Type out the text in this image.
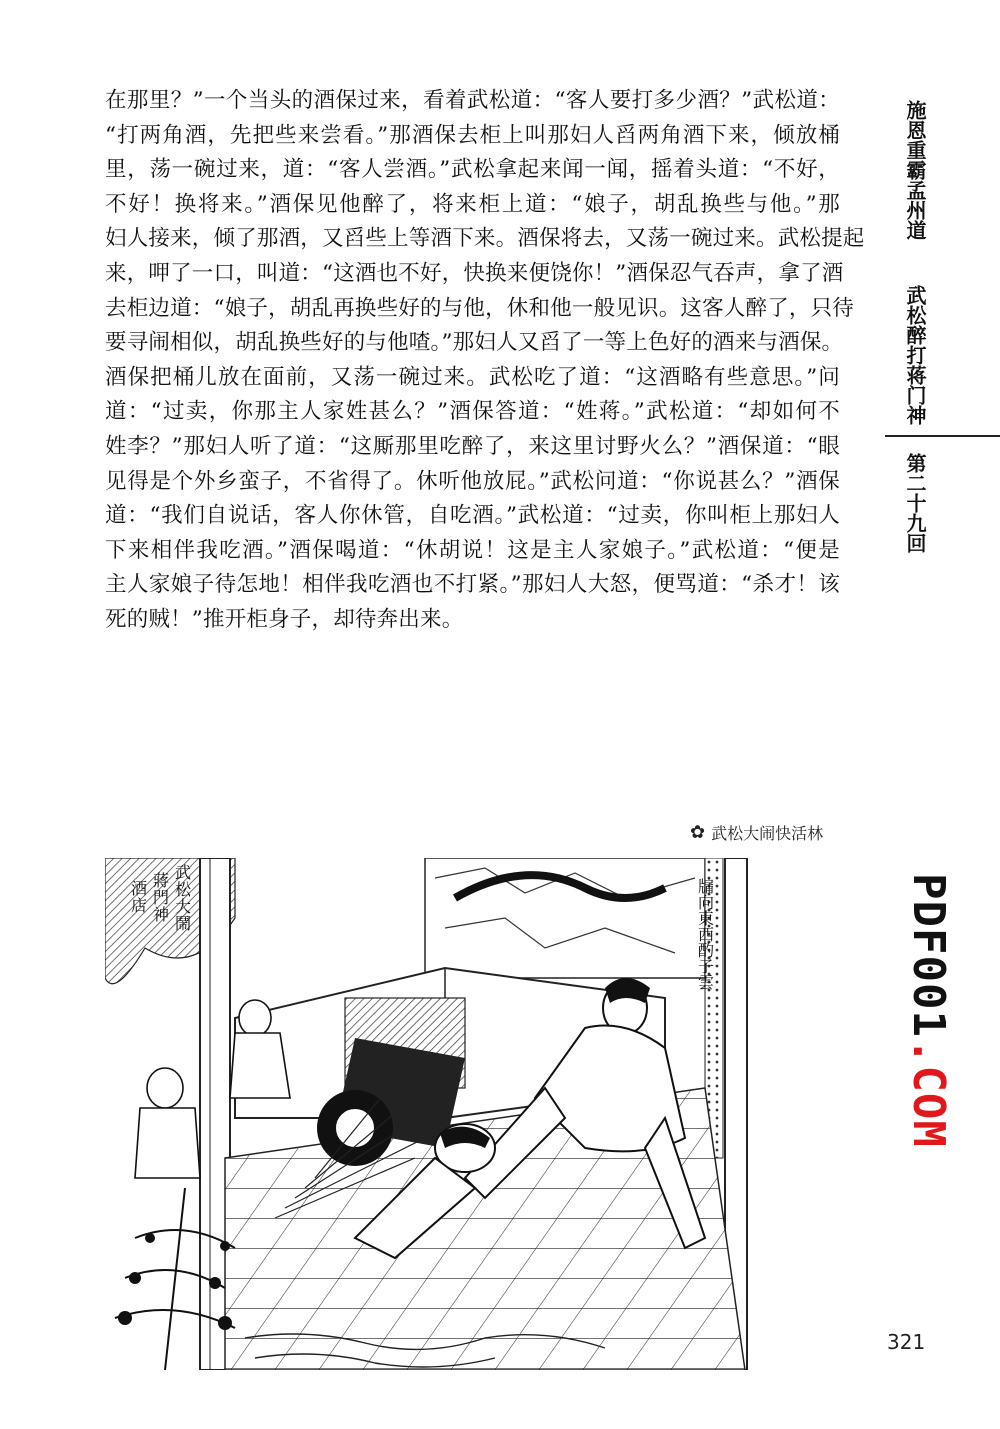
在那里？”一个当头的酒保过来，看着武松道：“客人要打多少酒？”武松道：
“打两角酒，先把些来尝看。”那酒保去柜上叫那妇人舀两角酒下来，倾放桶
里，荡一碗过来，道：“客人尝酒。”武松拿起来闻一闻，摇着头道：“不好，
不好！换将来。”酒保见他醉了，将来柜上道：“娘子，胡乱换些与他。”那
妇人接来，倾了那酒，又舀些上等酒下来。酒保将去，又荡一碗过来。武松提起
来，呷了一口，叫道：“这酒也不好，快换来便饶你！”酒保忍气吞声，拿了酒
去柜边道：“娘子，胡乱再换些好的与他，休和他一般见识。这客人醉了，只待
要寻闹相似，胡乱换些好的与他喳。”那妇人又舀了一等上色好的酒来与酒保。
酒保把桶儿放在面前，又荡一碗过来。武松吃了道：“这酒略有些意思。”问
道：“过卖，你那主人家姓甚么？”酒保答道：“姓蒋。”武松道：“却如何不
姓李？”那妇人听了道：“这厮那里吃醉了，来这里讨野火么？”酒保道：“眼
见得是个外乡蛮子，不省得了。休听他放屁。”武松问道：“你说甚么？”酒保
道：“我们自说话，客人你休管，自吃酒。”武松道：“过卖，你叫柜上那妇人
下来相伴我吃酒。”酒保喝道：“休胡说！这是主人家娘子。”武松道：“便是
主人家娘子待怎地！相伴我吃酒也不打紧。”那妇人大怒，便骂道：“杀才！该
死的贼！”推开柜身子，却待奔出来。
施恩重霸孟州道
武松醉打蒋门神
第二十九回
✿ 武松大闹快活林
武松大鬧蔣門神酒店	牖向東西酌子雲	PDF001.COM
321
